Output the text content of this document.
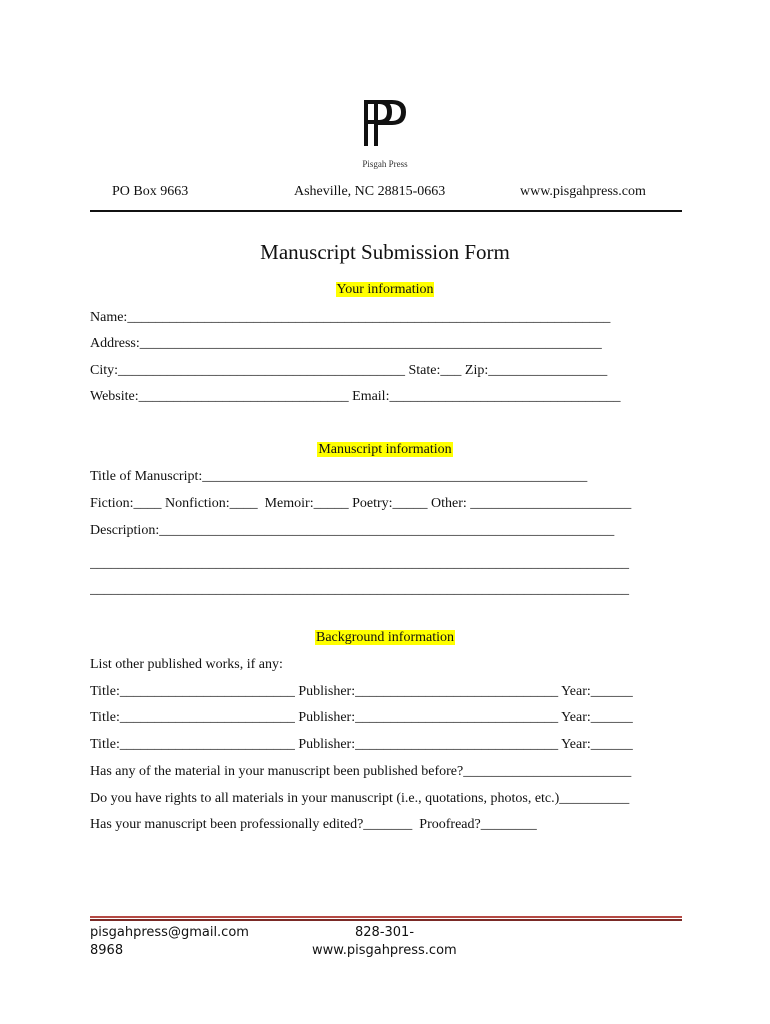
Pisgah Press
PO Box 9663	Asheville, NC 28815-0663	www.pisgahpress.com
Manuscript Submission Form
Your information
Name:_____________________________________________________________________
Address:__________________________________________________________________
City:_________________________________________ State:___ Zip:_________________
Website:______________________________ Email:_________________________________
Manuscript information
Title of Manuscript:_______________________________________________________
Fiction:____ Nonfiction:____  Memoir:_____ Poetry:_____ Other: _______________________
Description:_________________________________________________________________
_____________________________________________________________________________
_____________________________________________________________________________
Background information
List other published works, if any:
Title:_________________________ Publisher:_____________________________ Year:______
Title:_________________________ Publisher:_____________________________ Year:______
Title:_________________________ Publisher:_____________________________ Year:______
Has any of the material in your manuscript been published before?________________________
Do you have rights to all materials in your manuscript (i.e., quotations, photos, etc.)__________
Has your manuscript been professionally edited?_______  Proofread?________
pisgahpress@gmail.com
8968
828-301-
www.pisgahpress.com
